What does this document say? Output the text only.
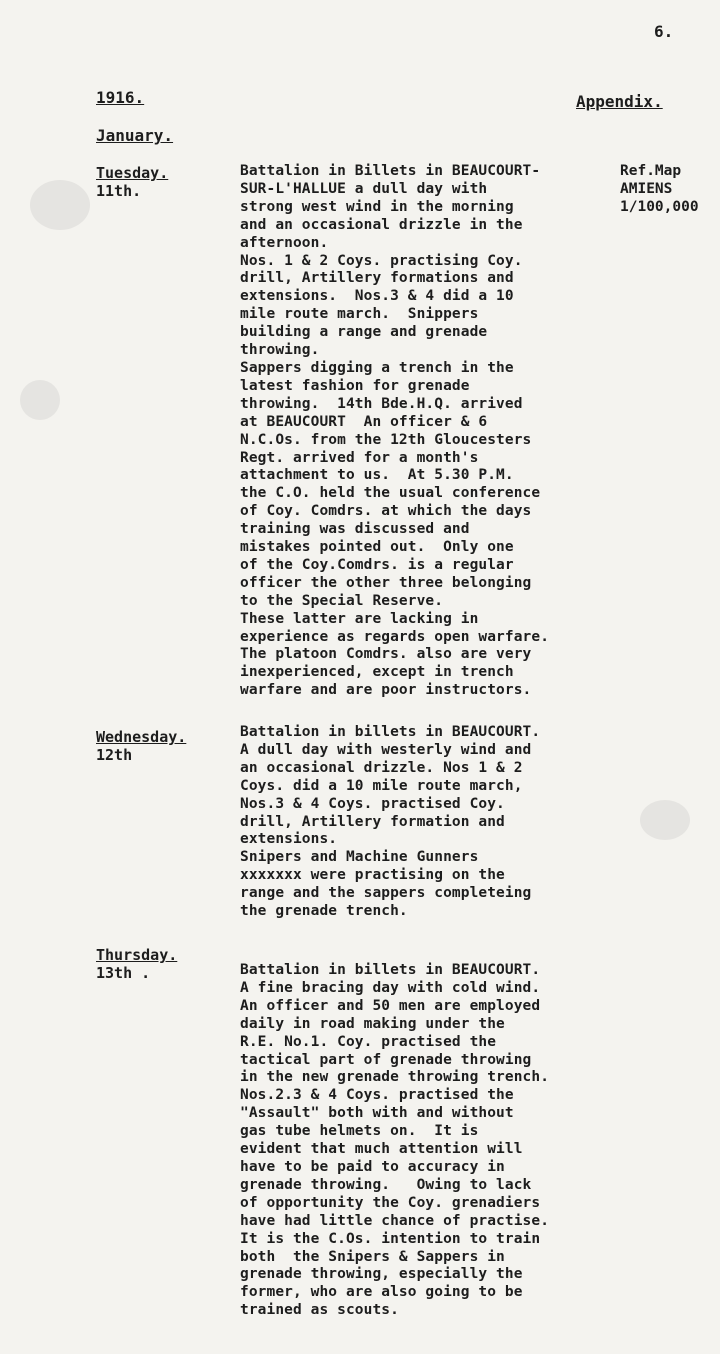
6.
1916.	Appendix.
January.
Ref.Map
AMIENS
1/100,000
Tuesday.
11th.
Battalion in Billets in BEAUCOURT-
SUR-L'HALLUE a dull day with
strong west wind in the morning
and an occasional drizzle in the
afternoon.
Nos. 1 & 2 Coys. practising Coy.
drill, Artillery formations and
extensions.  Nos.3 & 4 did a 10
mile route march.  Snippers
building a range and grenade
throwing.
Sappers digging a trench in the
latest fashion for grenade
throwing.  14th Bde.H.Q. arrived
at BEAUCOURT  An officer & 6
N.C.Os. from the 12th Gloucesters
Regt. arrived for a month's
attachment to us.  At 5.30 P.M.
the C.O. held the usual conference
of Coy. Comdrs. at which the days
training was discussed and
mistakes pointed out.  Only one
of the Coy.Comdrs. is a regular
officer the other three belonging
to the Special Reserve.
These latter are lacking in
experience as regards open warfare.
The platoon Comdrs. also are very
inexperienced, except in trench
warfare and are poor instructors.
Wednesday.
12th
Battalion in billets in BEAUCOURT.
A dull day with westerly wind and
an occasional drizzle. Nos 1 & 2
Coys. did a 10 mile route march,
Nos.3 & 4 Coys. practised Coy.
drill, Artillery formation and
extensions.
Snipers and Machine Gunners
xxxxxxx were practising on the
range and the sappers completeing
the grenade trench.
Thursday.
13th .	Battalion in billets in BEAUCOURT.
A fine bracing day with cold wind.
An officer and 50 men are employed
daily in road making under the
R.E. No.1. Coy. practised the
tactical part of grenade throwing
in the new grenade throwing trench.
Nos.2.3 & 4 Coys. practised the
"Assault" both with and without
gas tube helmets on.  It is
evident that much attention will
have to be paid to accuracy in
grenade throwing.   Owing to lack
of opportunity the Coy. grenadiers
have had little chance of practise.
It is the C.Os. intention to train
both  the Snipers & Sappers in
grenade throwing, especially the
former, who are also going to be
trained as scouts.
